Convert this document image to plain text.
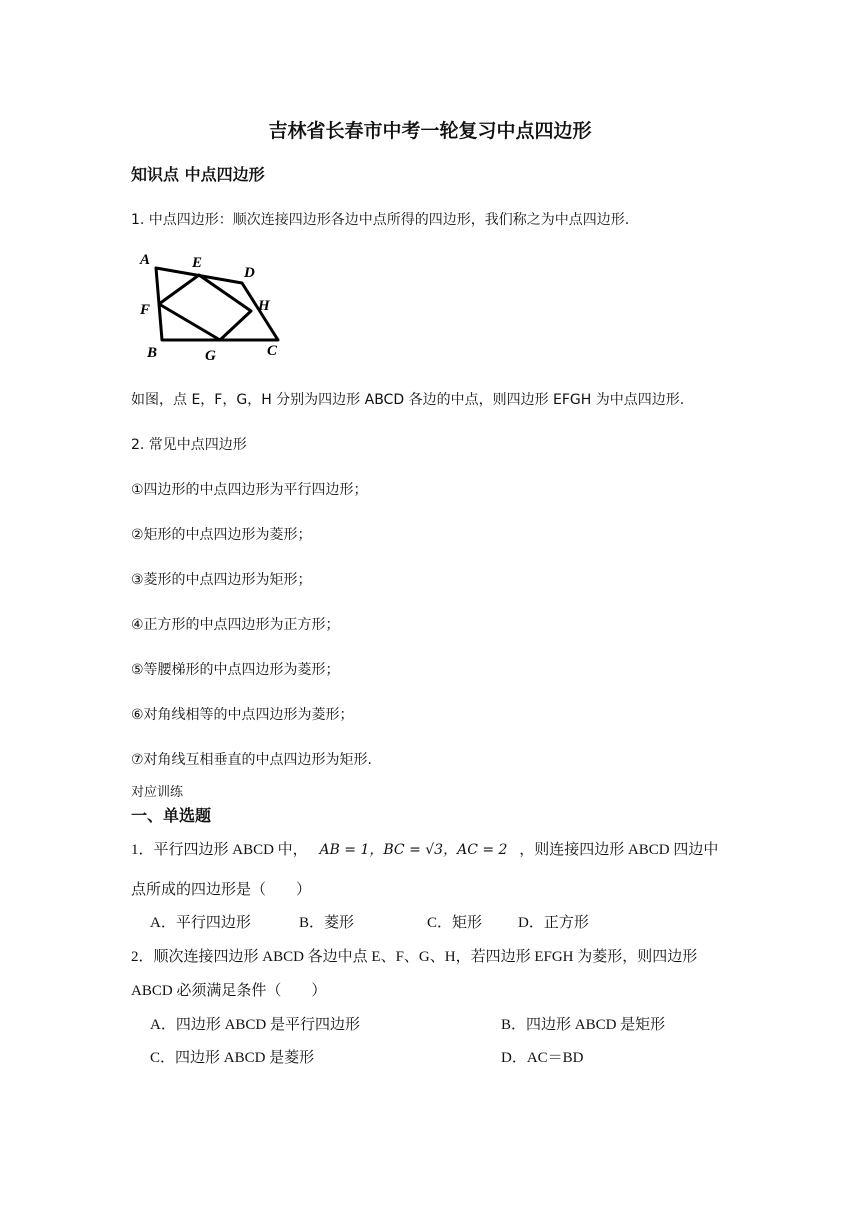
吉林省长春市中考一轮复习中点四边形
知识点 中点四边形
1. 中点四边形：顺次连接四边形各边中点所得的四边形，我们称之为中点四边形.
A	E
D
F	H
B	G	C
如图，点 E，F，G，H 分别为四边形 ABCD 各边的中点，则四边形 EFGH 为中点四边形.
2. 常见中点四边形
①四边形的中点四边形为平行四边形；
②矩形的中点四边形为菱形；
③菱形的中点四边形为矩形；
④正方形的中点四边形为正方形；
⑤等腰梯形的中点四边形为菱形；
⑥对角线相等的中点四边形为菱形；
⑦对角线互相垂直的中点四边形为矩形.
对应训练
一、单选题
1．平行四边形 ABCD 中， AB = 1，BC = √3，AC = 2 ，则连接四边形 ABCD 四边中
点所成的四边形是（　　）
A．平行四边形	B．菱形	C．矩形 D．正方形
2．顺次连接四边形 ABCD 各边中点 E、F、G、H，若四边形 EFGH 为菱形，则四边形
ABCD 必须满足条件（　　）
A．四边形 ABCD 是平行四边形	B．四边形 ABCD 是矩形
C．四边形 ABCD 是菱形	D．AC＝BD
